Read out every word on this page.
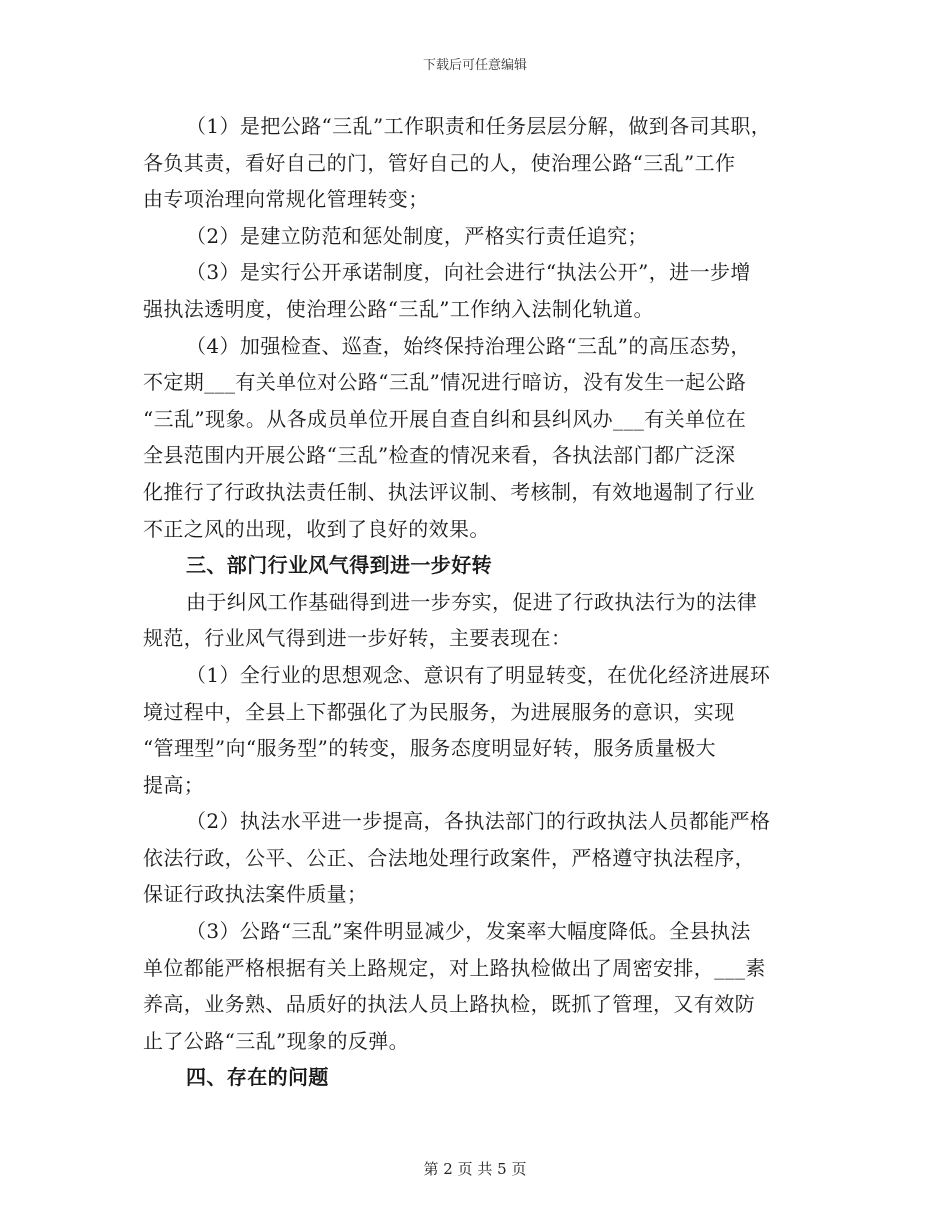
下载后可任意编辑
（1）是把公路“三乱”工作职责和任务层层分解，做到各司其职，
各负其责，看好自己的门，管好自己的人，使治理公路“三乱”工作
由专项治理向常规化管理转变；
（2）是建立防范和惩处制度，严格实行责任追究；
（3）是实行公开承诺制度，向社会进行“执法公开”，进一步增
强执法透明度，使治理公路“三乱”工作纳入法制化轨道。
（4）加强检查、巡查，始终保持治理公路“三乱”的高压态势，
不定期___有关单位对公路“三乱”情况进行暗访，没有发生一起公路
“三乱”现象。从各成员单位开展自查自纠和县纠风办___有关单位在
全县范围内开展公路“三乱”检查的情况来看，各执法部门都广泛深
化推行了行政执法责任制、执法评议制、考核制，有效地遏制了行业
不正之风的出现，收到了良好的效果。
三、部门行业风气得到进一步好转
由于纠风工作基础得到进一步夯实，促进了行政执法行为的法律
规范，行业风气得到进一步好转，主要表现在：
（1）全行业的思想观念、意识有了明显转变，在优化经济进展环
境过程中，全县上下都强化了为民服务，为进展服务的意识，实现
“管理型”向“服务型”的转变，服务态度明显好转，服务质量极大
提高；
（2）执法水平进一步提高，各执法部门的行政执法人员都能严格
依法行政，公平、公正、合法地处理行政案件，严格遵守执法程序，
保证行政执法案件质量；
（3）公路“三乱”案件明显减少，发案率大幅度降低。全县执法
单位都能严格根据有关上路规定，对上路执检做出了周密安排，___素
养高，业务熟、品质好的执法人员上路执检，既抓了管理，又有效防
止了公路“三乱”现象的反弹。
四、存在的问题
第 2 页 共 5 页
